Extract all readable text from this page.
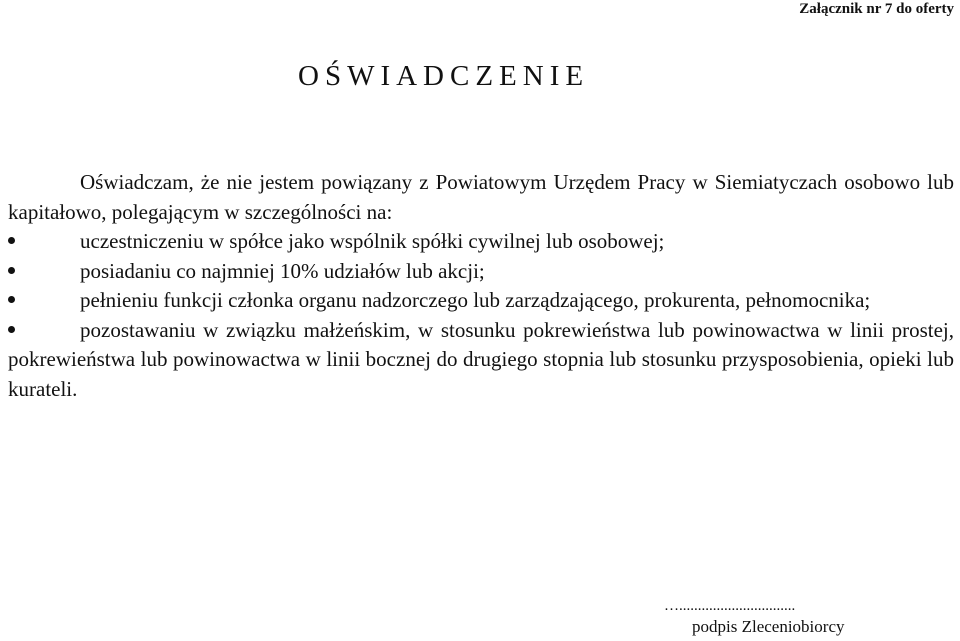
Załącznik nr 7 do oferty
OŚWIADCZENIE

Oświadczam, że nie jestem powiązany z Powiatowym Urzędem Pracy w Siemiatyczach osobowo lub kapitałowo, polegającym w szczególności na:

uczestniczeniu w spółce jako wspólnik spółki cywilnej lub osobowej;

posiadaniu co najmniej 10% udziałów lub akcji;

pełnieniu funkcji członka organu nadzorczego lub zarządzającego, prokurenta, pełnomocnika;

pozostawaniu w związku małżeńskim, w stosunku pokrewieństwa lub powinowactwa w linii prostej, pokrewieństwa lub powinowactwa w linii bocznej do drugiego stopnia lub stosunku przysposobienia, opieki lub kurateli.

…...............................
podpis Zleceniobiorcy
